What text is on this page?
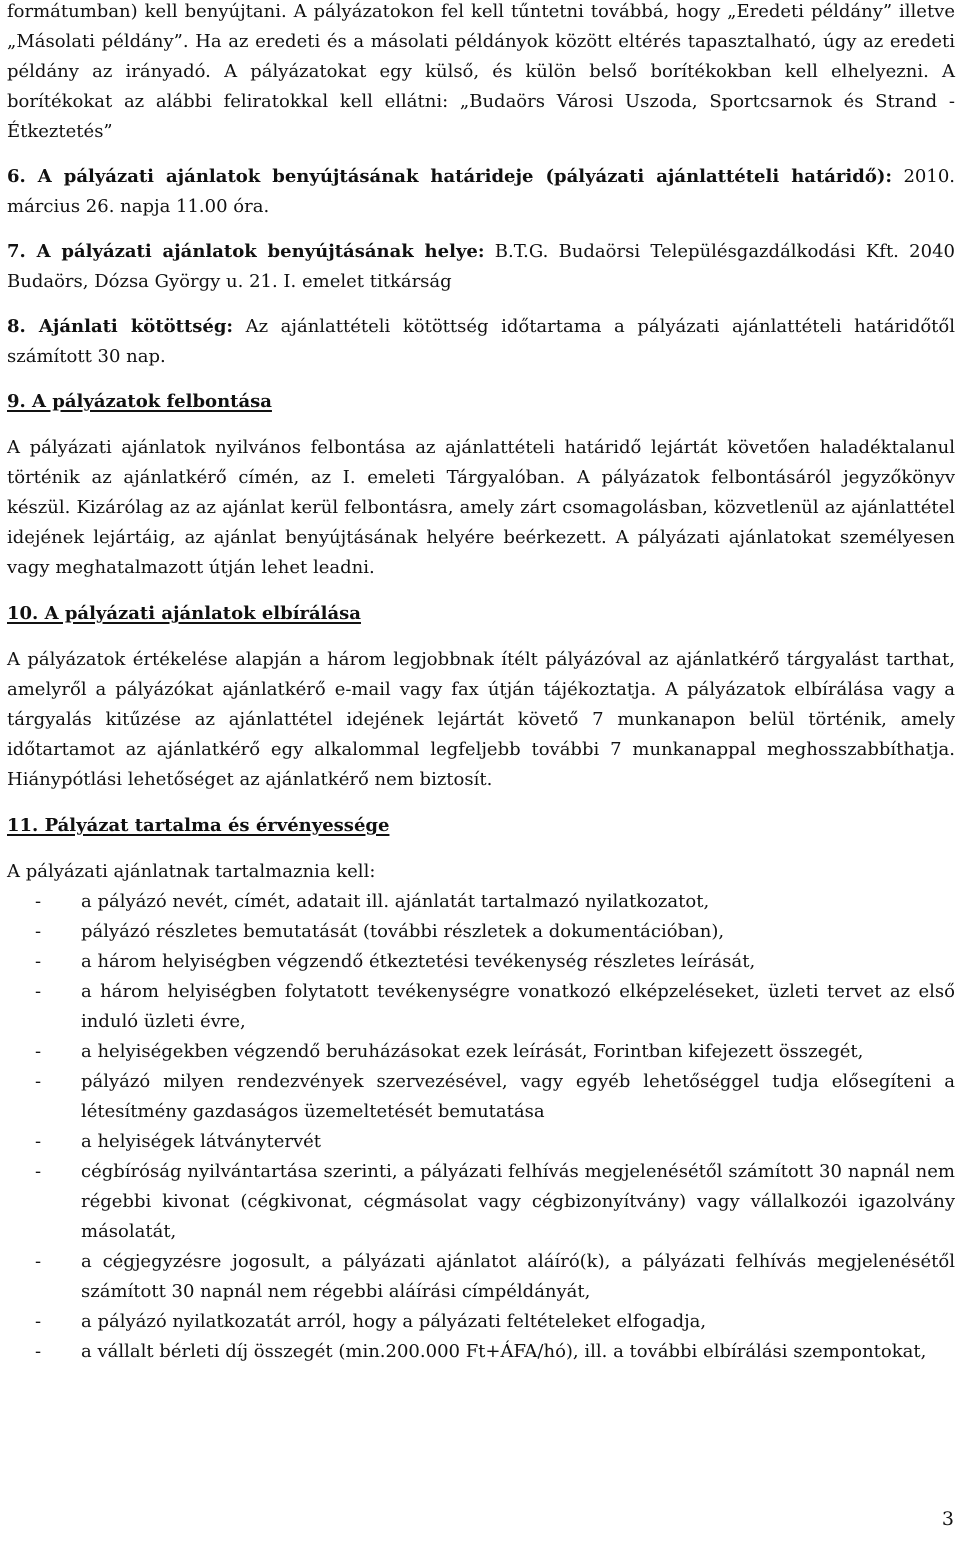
formátumban) kell benyújtani. A pályázatokon fel kell tűntetni továbbá, hogy „Eredeti példány” illetve „Másolati példány”. Ha az eredeti és a másolati példányok között eltérés tapasztalható, úgy az eredeti példány az irányadó. A pályázatokat egy külső, és külön belső borítékokban kell elhelyezni. A borítékokat az alábbi feliratokkal kell ellátni: „Budaörs Városi Uszoda, Sportcsarnok és Strand - Étkeztetés”

6. A pályázati ajánlatok benyújtásának határideje (pályázati ajánlattételi határidő): 2010. március 26. napja 11.00 óra.

7. A pályázati ajánlatok benyújtásának helye: B.T.G. Budaörsi Településgazdálkodási Kft. 2040 Budaörs, Dózsa György u. 21. I. emelet titkárság

8. Ajánlati kötöttség: Az ajánlattételi kötöttség időtartama a pályázati ajánlattételi határidőtől számított 30 nap.

9. A pályázatok felbontása

A pályázati ajánlatok nyilvános felbontása az ajánlattételi határidő lejártát követően haladéktalanul történik az ajánlatkérő címén, az I. emeleti Tárgyalóban. A pályázatok felbontásáról jegyzőkönyv készül. Kizárólag az az ajánlat kerül felbontásra, amely zárt csomagolásban, közvetlenül az ajánlattétel idejének lejártáig, az ajánlat benyújtásának helyére beérkezett. A pályázati ajánlatokat személyesen vagy meghatalmazott útján lehet leadni.

10. A pályázati ajánlatok elbírálása

A pályázatok értékelése alapján a három legjobbnak ítélt pályázóval az ajánlatkérő tárgyalást tarthat, amelyről a pályázókat ajánlatkérő e-mail vagy fax útján tájékoztatja. A pályázatok elbírálása vagy a tárgyalás kitűzése az ajánlattétel idejének lejártát követő 7 munkanapon belül történik, amely időtartamot az ajánlatkérő egy alkalommal legfeljebb további 7 munkanappal meghosszabbíthatja. Hiánypótlási lehetőséget az ajánlatkérő nem biztosít.

11. Pályázat tartalma és érvényessége

A pályázati ajánlatnak tartalmaznia kell:

- a pályázó nevét, címét, adatait ill. ajánlatát tartalmazó nyilatkozatot,
- pályázó részletes bemutatását (további részletek a dokumentációban),
- a három helyiségben végzendő étkeztetési tevékenység részletes leírását,
- a három helyiségben folytatott tevékenységre vonatkozó elképzeléseket, üzleti tervet az első induló üzleti évre,
- a helyiségekben végzendő beruházásokat ezek leírását, Forintban kifejezett összegét,
- pályázó milyen rendezvények szervezésével, vagy egyéb lehetőséggel tudja elősegíteni a létesítmény gazdaságos üzemeltetését bemutatása
- a helyiségek látványtervét
- cégbíróság nyilvántartása szerinti, a pályázati felhívás megjelenésétől számított 30 napnál nem régebbi kivonat (cégkivonat, cégmásolat vagy cégbizonyítvány) vagy vállalkozói igazolvány másolatát,
- a cégjegyzésre jogosult, a pályázati ajánlatot aláíró(k), a pályázati felhívás megjelenésétől számított 30 napnál nem régebbi aláírási címpéldányát,
- a pályázó nyilatkozatát arról, hogy a pályázati feltételeket elfogadja,
- a vállalt bérleti díj összegét (min.200.000 Ft+ÁFA/hó), ill. a további elbírálási szempontokat,
3
